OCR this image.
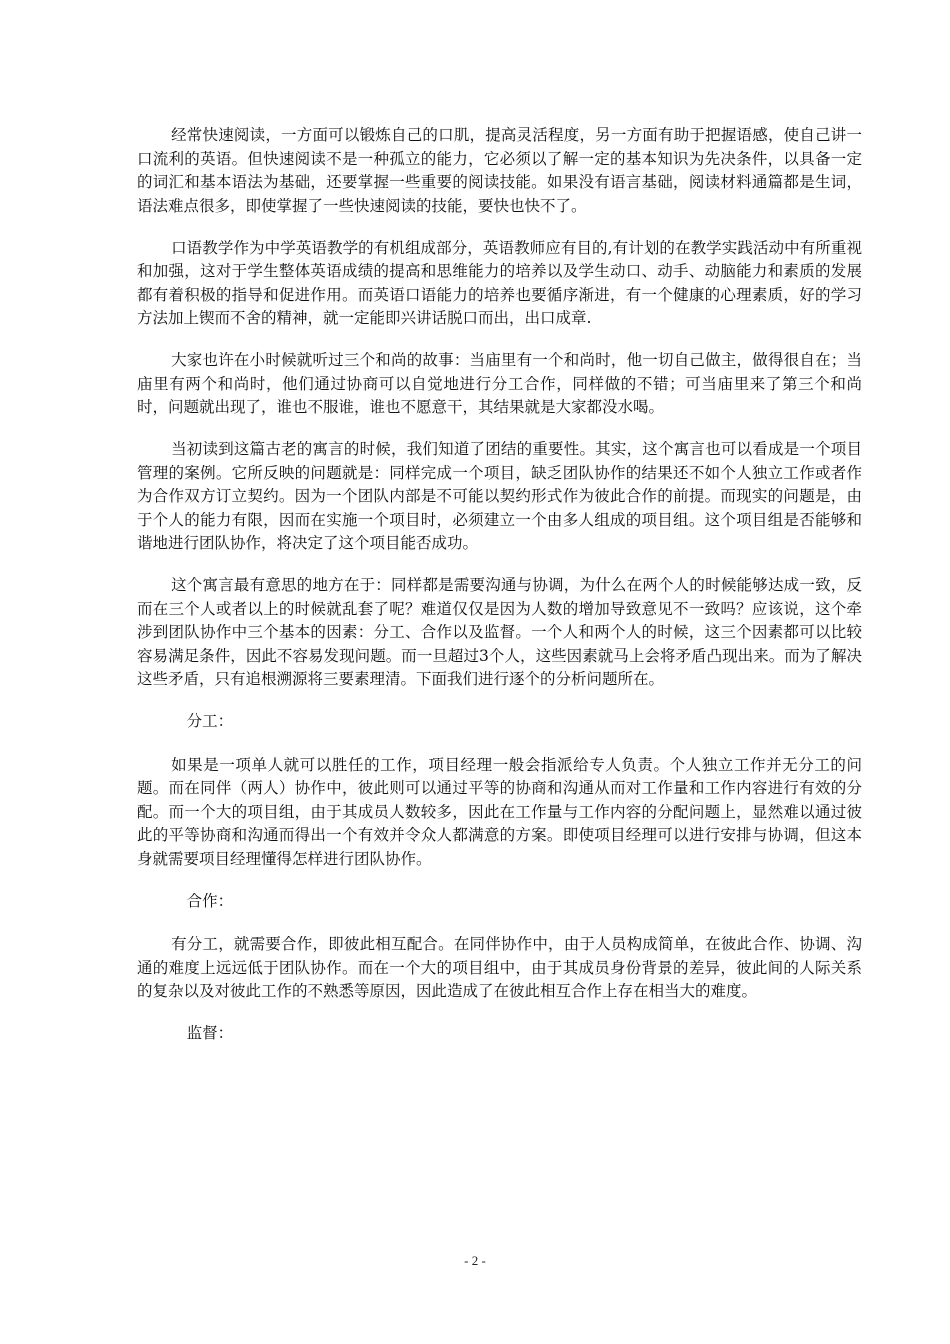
经常快速阅读，一方面可以锻炼自己的口肌，提高灵活程度，另一方面有助于把握语感，使自己讲一口流利的英语。但快速阅读不是一种孤立的能力，它必须以了解一定的基本知识为先决条件，以具备一定的词汇和基本语法为基础，还要掌握一些重要的阅读技能。如果没有语言基础，阅读材料通篇都是生词，语法难点很多，即使掌握了一些快速阅读的技能，要快也快不了。

口语教学作为中学英语教学的有机组成部分，英语教师应有目的,有计划的在教学实践活动中有所重视和加强，这对于学生整体英语成绩的提高和思维能力的培养以及学生动口、动手、动脑能力和素质的发展都有着积极的指导和促进作用。而英语口语能力的培养也要循序渐进，有一个健康的心理素质，好的学习方法加上锲而不舍的精神，就一定能即兴讲话脱口而出，出口成章.

大家也许在小时候就听过三个和尚的故事：当庙里有一个和尚时，他一切自己做主，做得很自在；当庙里有两个和尚时，他们通过协商可以自觉地进行分工合作，同样做的不错；可当庙里来了第三个和尚时，问题就出现了，谁也不服谁，谁也不愿意干，其结果就是大家都没水喝。

当初读到这篇古老的寓言的时候，我们知道了团结的重要性。其实，这个寓言也可以看成是一个项目管理的案例。它所反映的问题就是：同样完成一个项目，缺乏团队协作的结果还不如个人独立工作或者作为合作双方订立契约。因为一个团队内部是不可能以契约形式作为彼此合作的前提。而现实的问题是，由于个人的能力有限，因而在实施一个项目时，必须建立一个由多人组成的项目组。这个项目组是否能够和谐地进行团队协作，将决定了这个项目能否成功。

这个寓言最有意思的地方在于：同样都是需要沟通与协调，为什么在两个人的时候能够达成一致，反而在三个人或者以上的时候就乱套了呢？难道仅仅是因为人数的增加导致意见不一致吗？应该说，这个牵涉到团队协作中三个基本的因素：分工、合作以及监督。一个人和两个人的时候，这三个因素都可以比较容易满足条件，因此不容易发现问题。而一旦超过3个人，这些因素就马上会将矛盾凸现出来。而为了解决这些矛盾，只有追根溯源将三要素理清。下面我们进行逐个的分析问题所在。

分工：

如果是一项单人就可以胜任的工作，项目经理一般会指派给专人负责。个人独立工作并无分工的问题。而在同伴（两人）协作中，彼此则可以通过平等的协商和沟通从而对工作量和工作内容进行有效的分配。而一个大的项目组，由于其成员人数较多，因此在工作量与工作内容的分配问题上，显然难以通过彼此的平等协商和沟通而得出一个有效并令众人都满意的方案。即使项目经理可以进行安排与协调，但这本身就需要项目经理懂得怎样进行团队协作。

合作：

有分工，就需要合作，即彼此相互配合。在同伴协作中，由于人员构成简单，在彼此合作、协调、沟通的难度上远远低于团队协作。而在一个大的项目组中，由于其成员身份背景的差异，彼此间的人际关系的复杂以及对彼此工作的不熟悉等原因，因此造成了在彼此相互合作上存在相当大的难度。

监督：

- 2 -
